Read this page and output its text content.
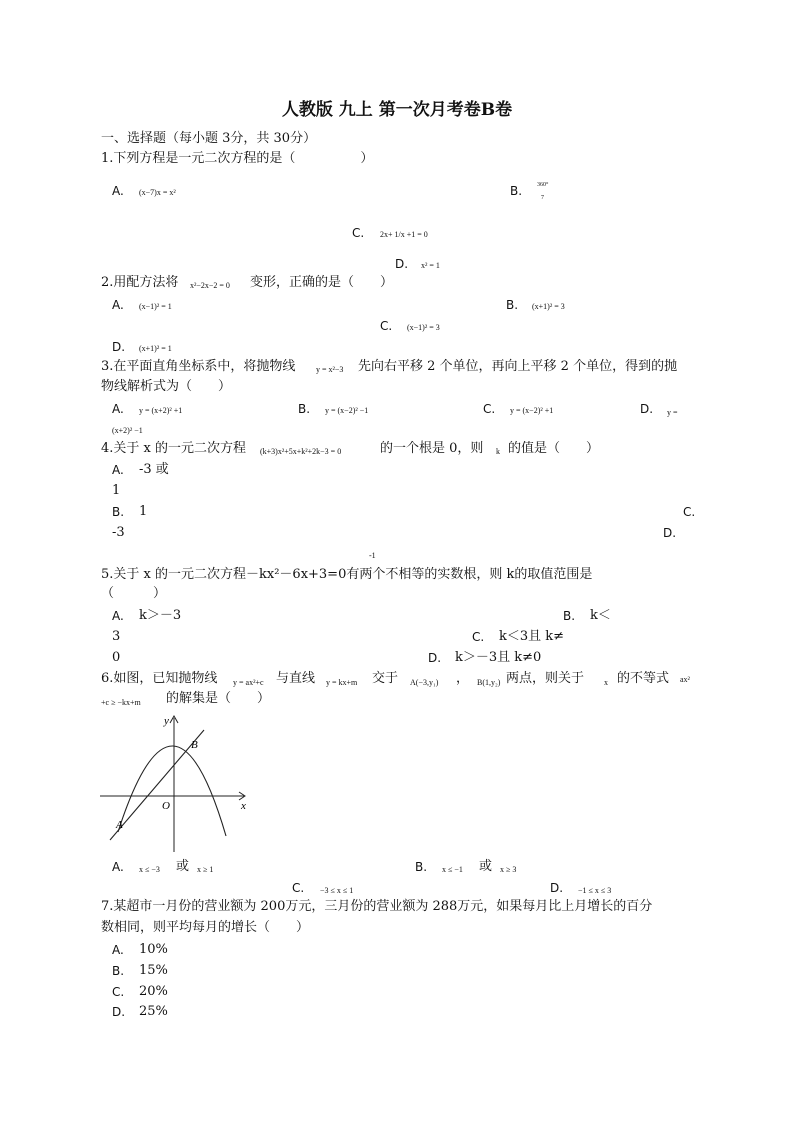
人教版 九上 第一次月考卷B卷
一、选择题（每小题 3分，共 30分）
1.下列方程是一元二次方程的是（　　　　　）
A. (x−7)x = x²	B. 360°
7
C. 2x+ 1/x +1 = 0
D. x² = 1
2.用配方法将 x²−2x−2 = 0 变形，正确的是（　　）
A. (x−1)² = 1	B. (x+1)² = 3
C. (x−1)² = 3
D. (x+1)² = 1
3.在平面直角坐标系中，将抛物线	y = x²−3 先向右平移 2 个单位，再向上平移 2 个单位，得到的抛
物线解析式为（　　）
A. y = (x+2)² +1	B. y = (x−2)² −1	C. y = (x−2)² +1	D. y =
(x+2)² −1
4.关于 x 的一元二次方程 (k+3)x²+5x+k²+2k−3 = 0	的一个根是 0，则 k 的值是（　　）
A. -3 或
1
B. 1	C.
-3	D.
-1
5.关于 x 的一元二次方程－kx²－6x+3=0有两个不相等的实数根，则 k的取值范围是
（　　　）
A. k＞－3	B. k＜
3	C. k＜3且 k≠
0	D. k＞－3且 k≠0
6.如图，已知抛物线 y = ax²+c 与直线 y = kx+m 交于 A(−3,y₁) ， B(1,y₂) 两点，则关于 x 的不等式 ax²
+c ≥ −kx+m 的解集是（　　）
y
x
O
A
B
A. x ≤ −3 或 x ≥ 1	B. x ≤ −1 或 x ≥ 3
C. −3 ≤ x ≤ 1	D. −1 ≤ x ≤ 3
7.某超市一月份的营业额为 200万元，三月份的营业额为 288万元，如果每月比上月增长的百分
数相同，则平均每月的增长（　　）
A. 10%
B. 15%
C. 20%
D. 25%
